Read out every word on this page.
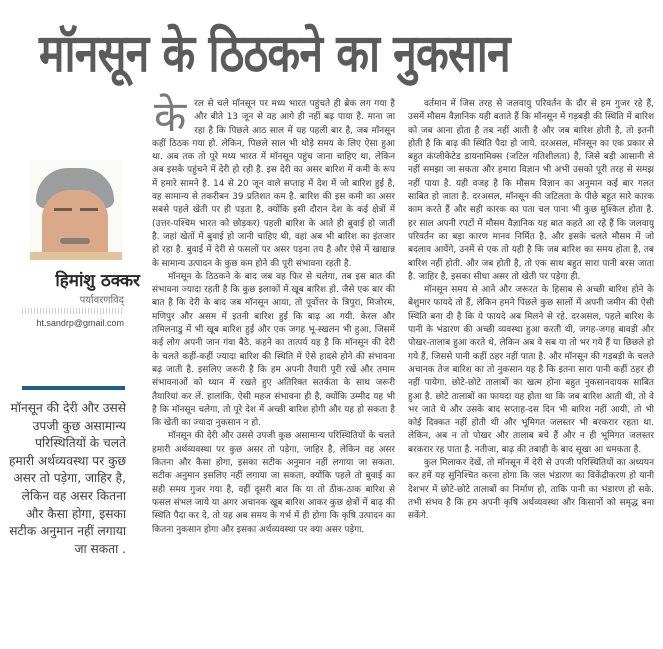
मॉनसून के ठिठकने का नुकसान
हिमांशु ठक्कर
पर्यावरणविद्
ht.sandrp@gmail.com
मॉनसून की देरी और उससे उपजी कुछ असामान्य परिस्थितियों के चलते हमारी अर्थव्यवस्था पर कुछ असर तो पड़ेगा, जाहिर है, लेकिन वह असर कितना और कैसा होगा, इसका सटीक अनुमान नहीं लगाया जा सकता .

केरल से चले मॉनसून पर मध्य भारत पहुंचते ही ब्रेक लग गया है और बीते 13 जून से वह आगे ही नहीं बढ़ पाया है. माना जा रहा है कि पिछले आठ साल में यह पहली बार है, जब मॉनसून कहीं ठिठक गया हो. लेकिन, पिछले साल भी थोड़े समय के लिए ऐसा हुआ था. अब तक तो पूरे मध्य भारत में मॉनसून पहुंच जाना चाहिए था, लेकिन अब इसके पहुंचने में देरी हो रही है. इस देरी का असर बारिश में कमी के रूप में हमारे सामने है. 14 से 20 जून वाले सप्ताह में देश में जो बारिश हुई है, वह सामान्य से तकरीबन 39 प्रतिशत कम है. बारिश की इस कमी का असर सबसे पहले खेती पर ही पड़ता है, क्योंकि इसी दौरान देश के कई क्षेत्रों में (उत्तर-पश्चिम भारत को छोड़कर) पहली बारिश के आते ही बुवाई हो जाती है. जहां खेतों में बुवाई हो जानी चाहिए थी, वहां अब भी बारिश का इंतजार हो रहा है. बुवाई में देरी से फसलों पर असर पड़ना तय है और ऐसे में खाद्यान्न के सामान्य उत्पादन के कुछ कम होने की पूरी संभावना रहती है.

मॉनसून के ठिठकने के बाद जब वह फिर से चलेगा, तब इस बात की संभावना ज्यादा रहती है कि कुछ इलाकों में खूब बारिश हो. जैसे एक बार की बात है कि देरी के बाद जब मॉनसून आया, तो पूर्वोत्तर के त्रिपुरा, मिजोरम, मणिपुर और असम में इतनी बारिश हुई कि बाढ़ आ गयी. केरल और तमिलनाडु में भी खूब बारिश हुई और एक जगह भू-स्खलन भी हुआ, जिसमें कई लोग अपनी जान गंवा बैठे. कहने का तात्पर्य यह है कि मॉनसून की देरी के चलते कहीं-कहीं ज्यादा बारिश की स्थिति में ऐसे हादसे होने की संभावना बढ़ जाती है. इसलिए जरूरी है कि हम अपनी तैयारी पूरी रखें और तमाम संभावनाओं को ध्यान में रखते हुए अतिरिक्त सतर्कता के साथ जरूरी तैयारियां कर लें. हालांकि, ऐसी महज संभावना ही है, क्योंकि उम्मीद यह भी है कि मॉनसून चलेगा, तो पूरे देश में अच्छी बारिश होगी और यह हो सकता है कि खेती का ज्यादा नुकसान न हो.

मॉनसून की देरी और उससे उपजी कुछ असामान्य परिस्थितियों के चलते हमारी अर्थव्यवस्था पर कुछ असर तो पड़ेगा, जाहिर है, लेकिन वह असर कितना और कैसा होगा, इसका सटीक अनुमान नहीं लगाया जा सकता. सटीक अनुमान इसलिए नहीं लगाया जा सकता, क्योंकि पहले तो बुवाई का सही समय गुजर गया है, वहीं दूसरी बात कि या तो ठीक-ठाक बारिश से फसल संभल जाये या अगर अचानक खूब बारिश आकर कुछ क्षेत्रों में बाढ़ की स्थिति पैदा कर दे, तो यह अब समय के गर्भ में ही होगा कि कृषि उत्पादन का कितना नुकसान होगा और इसका अर्थव्यवस्था पर क्या असर पड़ेगा.

वर्तमान में जिस तरह से जलवायु परिवर्तन के दौर से हम गुजर रहे हैं, उसमें मौसम वैज्ञानिक यही बताते हैं कि मॉनसून में गड़बड़ी की स्थिति में बारिश को जब आना होता है तब नहीं आती है और जब बारिश होती है, तो इतनी होती है कि बाढ़ की स्थिति पैदा हो जाये. दरअसल, मॉनसून का एक प्रकार से बहुत कंप्लीकेटेड डायनामिक्स (जटिल गतिशीलता) है, जिसे बड़ी आसानी से नहीं समझा जा सकता और हमारा विज्ञान भी अभी उसको पूरी तरह से समझ नहीं पाया है. यही वजह है कि मौसम विज्ञान का अनुमान कई बार गलत साबित हो जाता है. दरअसल, मॉनसून की जटिलता के पीछे बहुत सारे कारक काम करते हैं और सही कारक का पता चल पाना भी कुछ मुश्किल होता है. हर साल अपनी रपटों में मौसम वैज्ञानिक यह बात कहते आ रहे हैं कि जलवायु परिवर्तन का बड़ा कारण मानव निर्मित है. और इसके चलते मौसम में जो बदलाव आयेंगे, उनमें से एक तो यही है कि जब बारिश का समय होता है, तब बारिश नहीं होती. और जब होती है, तो एक साथ बहुत सारा पानी बरस जाता है. जाहिर है, इसका सीधा असर तो खेती पर पड़ेगा ही.

मॉनसून समय से आने और जरूरत के हिसाब से अच्छी बारिश होने के बेशुमार फायदे तो हैं, लेकिन हमने पिछले कुछ सालों में अपनी जमीन की ऐसी स्थिति बना दी है कि ये फायदे अब मिलने से रहे. दरअसल, पहले बारिश के पानी के भंडारण की अच्छी व्यवस्था हुआ करती थी, जगह-जगह बावड़ी और पोखर-तालाब हुआ करते थे, लेकिन अब वे सब या तो भर गये हैं या छिछले हो गये हैं, जिससे पानी कहीं ठहर नहीं पाता है. और मॉनसून की गड़बड़ी के चलते अचानक तेज बारिश का तो नुकसान यह है कि इतना सारा पानी कहीं ठहर ही नहीं पायेगा. छोटे-छोटे तालाबों का खत्म होना बहुत नुकसानदायक साबित हुआ है. छोटे तालाबों का फायदा यह होता था कि जब बारिश आती थी, तो वे भर जाते थे और उसके बाद सप्ताह-दस दिन भी बारिश नहीं आयी, तो भी कोई दिक्कत नहीं होती थी और भूमिगत जलस्तर भी बरकरार रहता था. लेकिन, अब न तो पोखर और तालाब बचे हैं और न ही भूमिगत जलस्तर बरकरार रह पाता है. नतीजा, बाढ़ की तबाही के बाद सूखा आ धमकता है.

कुल मिलाकर देखें, तो मॉनसून में देरी से उपजी परिस्थितियों का अध्ययन कर हमें यह सुनिश्चित करना होगा कि जल भंडारण का विकेंद्रीकरण हो यानी देशभर में छोटे-छोटे तालाबों का निर्माण हो, ताकि पानी का भंडारण हो सके. तभी संभव है कि हम अपनी कृषि अर्थव्यवस्था और किसानों को समृद्ध बना सकेंगे.
